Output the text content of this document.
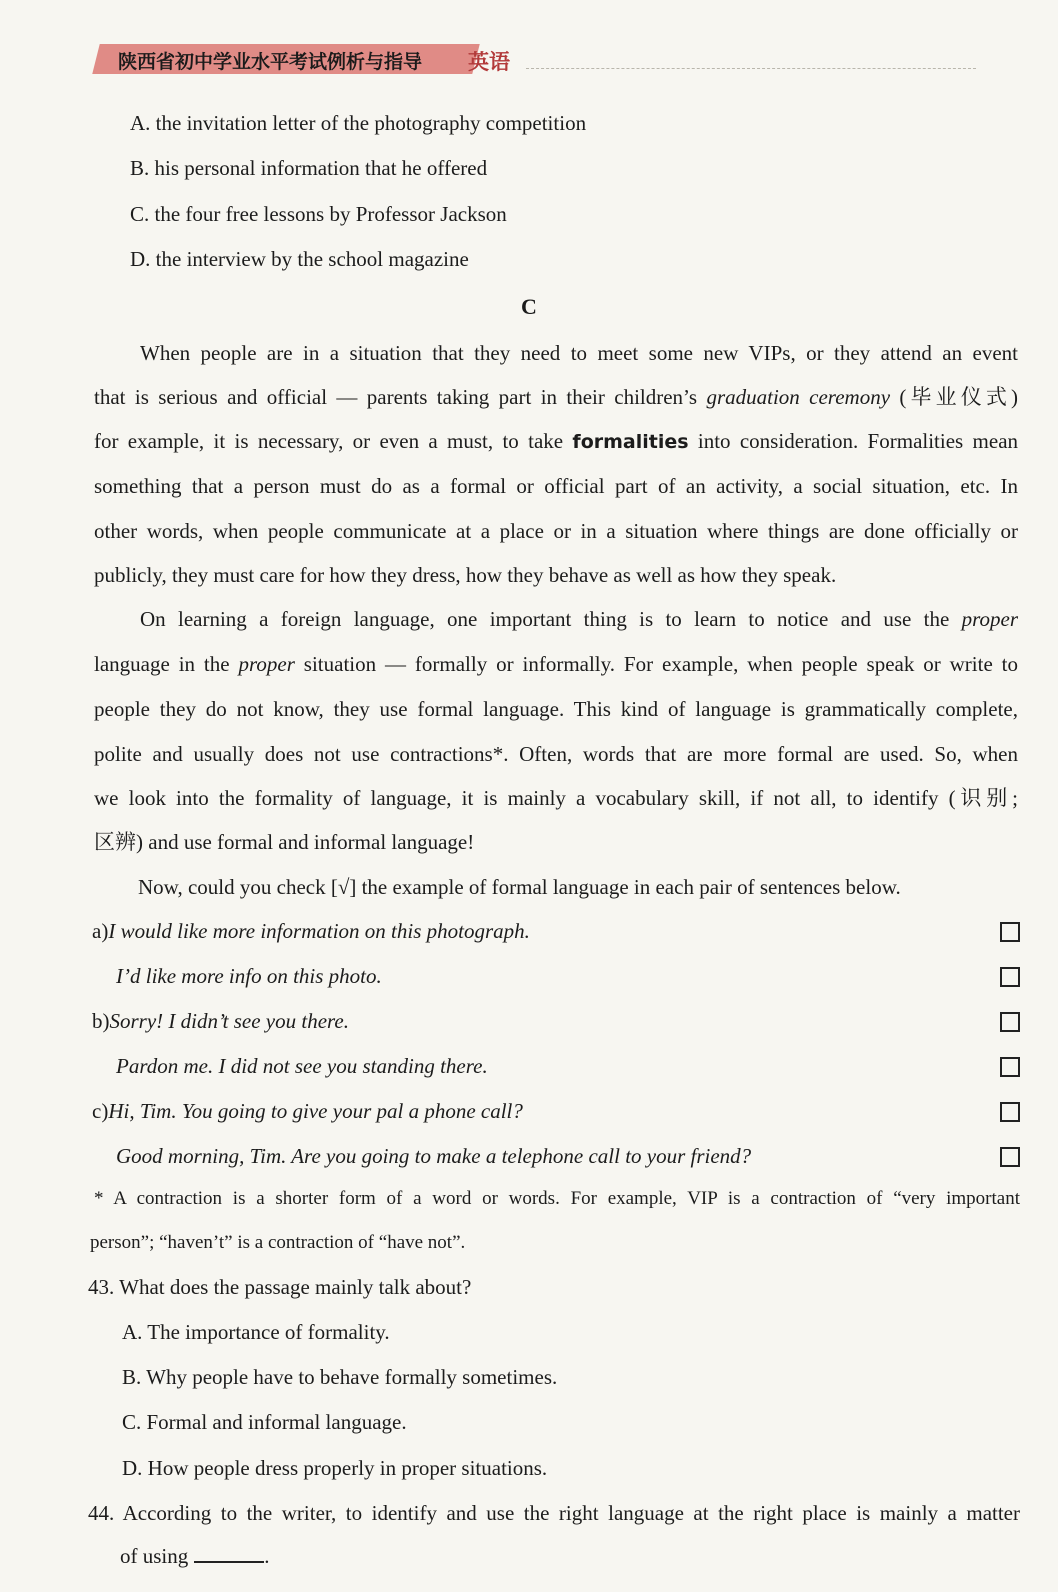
陕西省初中学业水平考试例析与指导 英语
A. the invitation letter of the photography competition
B. his personal information that he offered
C. the four free lessons by Professor Jackson
D. the interview by the school magazine
C
When people are in a situation that they need to meet some new VIPs, or they attend an event
that is serious and official — parents taking part in their children’s graduation ceremony (毕业仪式)
for example, it is necessary, or even a must, to take formalities into consideration. Formalities mean
something that a person must do as a formal or official part of an activity, a social situation, etc. In
other words, when people communicate at a place or in a situation where things are done officially or
publicly, they must care for how they dress, how they behave as well as how they speak.
On learning a foreign language, one important thing is to learn to notice and use the proper
language in the proper situation — formally or informally. For example, when people speak or write to
people they do not know, they use formal language. This kind of language is grammatically complete,
polite and usually does not use contractions*. Often, words that are more formal are used. So, when
we look into the formality of language, it is mainly a vocabulary skill, if not all, to identify (识别;
区辨) and use formal and informal language!
Now, could you check [√] the example of formal language in each pair of sentences below.
a)I would like more information on this photograph.
I’d like more info on this photo.
b)Sorry! I didn’t see you there.
Pardon me. I did not see you standing there.
c)Hi, Tim. You going to give your pal a phone call?
Good morning, Tim. Are you going to make a telephone call to your friend?
* A contraction is a shorter form of a word or words. For example, VIP is a contraction of “very important
person”; “haven’t” is a contraction of “have not”.
43. What does the passage mainly talk about?
A. The importance of formality.
B. Why people have to behave formally sometimes.
C. Formal and informal language.
D. How people dress properly in proper situations.
44. According to the writer, to identify and use the right language at the right place is mainly a matter
of using	.
